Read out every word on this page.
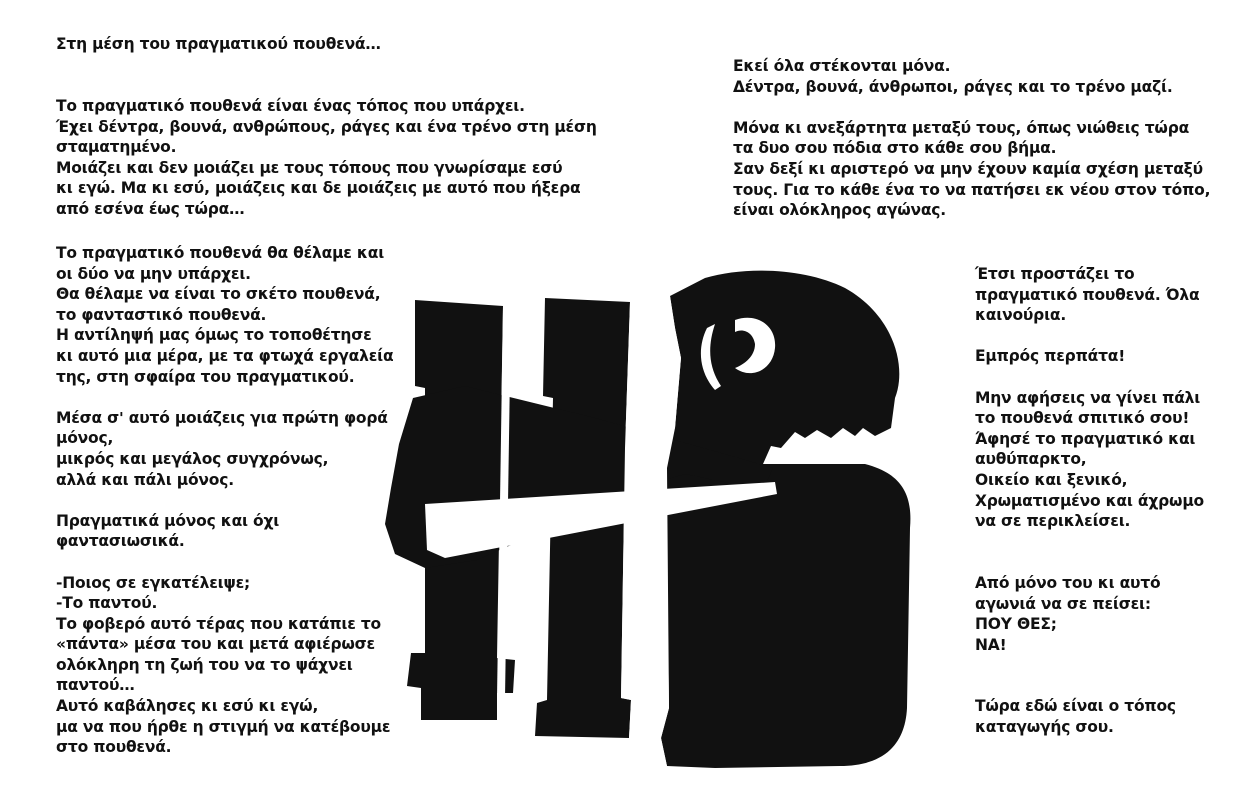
Στη μέση του πραγματικού πουθενά…
Το πραγματικό πουθενά είναι ένας τόπος που υπάρχει.
Έχει δέντρα, βουνά, ανθρώπους, ράγες και ένα τρένο στη μέση
σταματημένο.
Μοιάζει και δεν μοιάζει με τους τόπους που γνωρίσαμε εσύ
κι εγώ. Μα κι εσύ, μοιάζεις και δε μοιάζεις με αυτό που ήξερα
από εσένα έως τώρα…
Το πραγματικό πουθενά θα θέλαμε και
οι δύο να μην υπάρχει.
Θα θέλαμε να είναι το σκέτο πουθενά,
το φανταστικό πουθενά.
Η αντίληψή μας όμως το τοποθέτησε
κι αυτό μια μέρα, με τα φτωχά εργαλεία
της, στη σφαίρα του πραγματικού.
Μέσα σ' αυτό μοιάζεις για πρώτη φορά
μόνος,
μικρός και μεγάλος συγχρόνως,
αλλά και πάλι μόνος.
Πραγματικά μόνος και όχι
φαντασιωσικά.
-Ποιος σε εγκατέλειψε;
-Το παντού.
Το φοβερό αυτό τέρας που κατάπιε το
«πάντα» μέσα του και μετά αφιέρωσε
ολόκληρη τη ζωή του να το ψάχνει
παντού…
Αυτό καβάλησες κι εσύ κι εγώ,
μα να που ήρθε η στιγμή να κατέβουμε
στο πουθενά.
Εκεί όλα στέκονται μόνα.
Δέντρα, βουνά, άνθρωποι, ράγες και το τρένο μαζί.
Μόνα κι ανεξάρτητα μεταξύ τους, όπως νιώθεις τώρα
τα δυο σου πόδια στο κάθε σου βήμα.
Σαν δεξί κι αριστερό να μην έχουν καμία σχέση μεταξύ
τους. Για το κάθε ένα το να πατήσει εκ νέου στον τόπο,
είναι ολόκληρος αγώνας.
Έτσι προστάζει το
πραγματικό πουθενά. Όλα
καινούρια.
Εμπρός περπάτα!
Μην αφήσεις να γίνει πάλι
το πουθενά σπιτικό σου!
Άφησέ το πραγματικό και
αυθύπαρκτο,
Οικείο και ξενικό,
Χρωματισμένο και άχρωμο
να σε περικλείσει.
Από μόνο του κι αυτό
αγωνιά να σε πείσει:
ΠΟΥ ΘΕΣ;
ΝΑ!
Τώρα εδώ είναι ο τόπος
καταγωγής σου.
